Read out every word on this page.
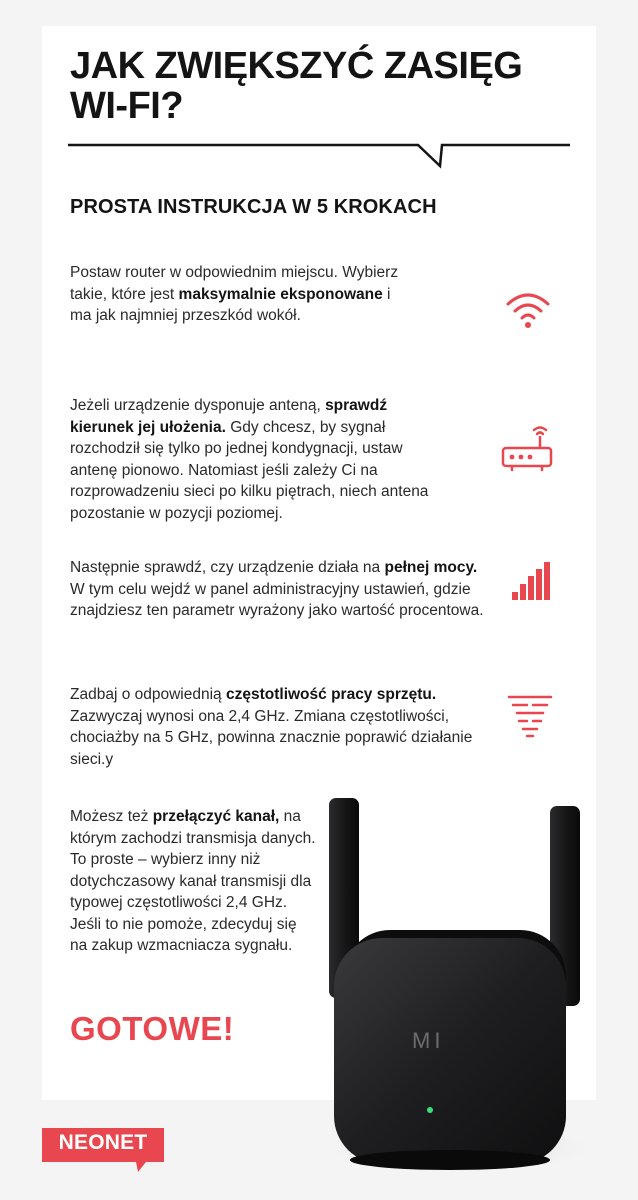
JAK ZWIĘKSZYĆ ZASIĘG
WI-FI?
PROSTA INSTRUKCJA W 5 KROKACH

Postaw router w odpowiednim miejscu. Wybierz takie, które jest maksymalnie eksponowane i ma jak najmniej przeszkód wokół.

Jeżeli urządzenie dysponuje anteną, sprawdź kierunek jej ułożenia. Gdy chcesz, by sygnał rozchodził się tylko po jednej kondygnacji, ustaw antenę pionowo. Natomiast jeśli zależy Ci na rozprowadzeniu sieci po kilku piętrach, niech antena pozostanie w pozycji poziomej.

Następnie sprawdź, czy urządzenie działa na pełnej mocy. W tym celu wejdź w panel administracyjny ustawień, gdzie znajdziesz ten parametr wyrażony jako wartość procentowa.

Zadbaj o odpowiednią częstotliwość pracy sprzętu. Zazwyczaj wynosi ona 2,4 GHz. Zmiana częstotliwości, chociażby na 5 GHz, powinna znacznie poprawić działanie sieci.y

Możesz też przełączyć kanał, na którym zachodzi transmisja danych. To proste – wybierz inny niż dotychczasowy kanał transmisji dla typowej częstotliwości 2,4 GHz. Jeśli to nie pomoże, zdecyduj się na zakup wzmacniacza sygnału.

GOTOWE!	MI
NEONET
